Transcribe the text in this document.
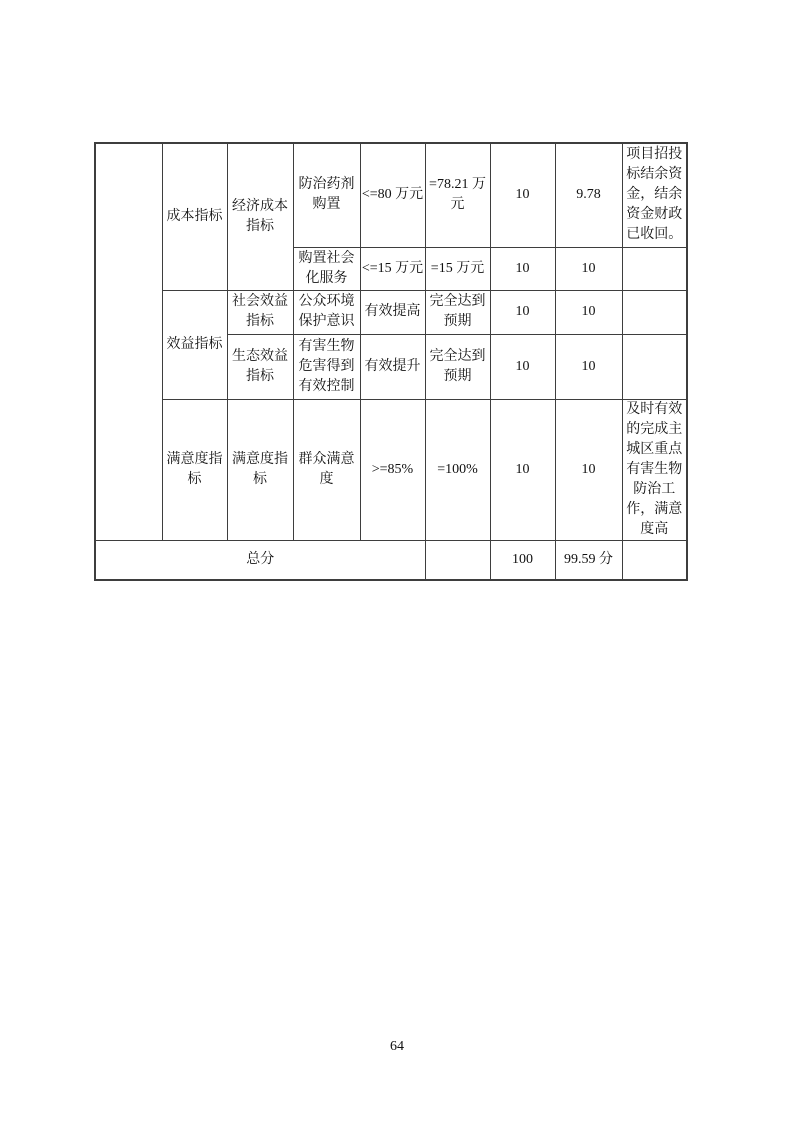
	成本指标	经济成本指标	防治药剂购置	<=80 万元	=78.21 万元	10	9.78	项目招投标结余资金，结余资金财政已收回。
			购置社会化服务	<=15 万元	=15 万元	10	10	
	效益指标	社会效益指标	公众环境保护意识	有效提高	完全达到预期	10	10	
		生态效益指标	有害生物危害得到有效控制	有效提升	完全达到预期	10	10	
	满意度指标	满意度指标	群众满意度	>=85%	=100%	10	10	及时有效的完成主城区重点有害生物防治工作，满意度高
总分						100	99.59 分	
64
